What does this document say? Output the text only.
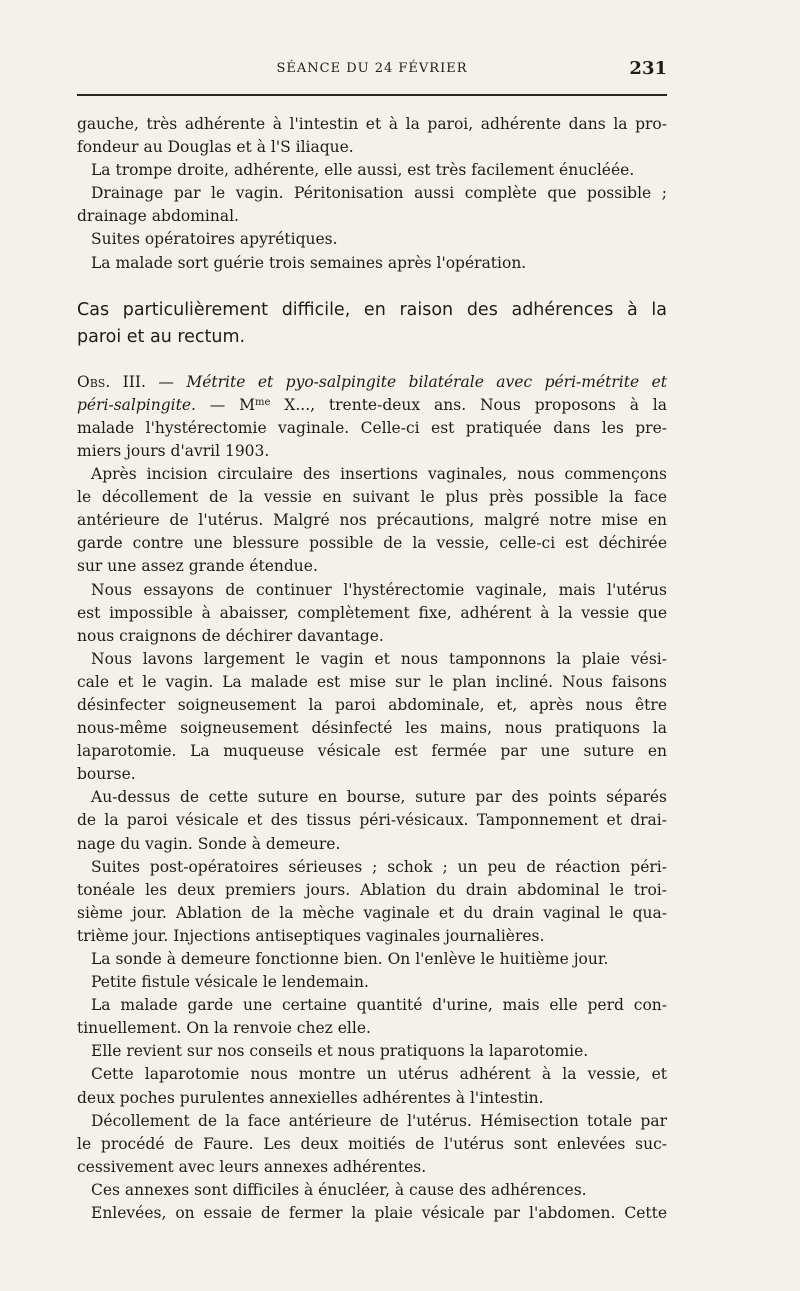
SÉANCE DU 24 FÉVRIER	231
gauche, très adhérente à l'intestin et à la paroi, adhérente dans la pro-
fondeur au Douglas et à l'S iliaque.
La trompe droite, adhérente, elle aussi, est très facilement énucléée.
Drainage par le vagin. Péritonisation aussi complète que possible ;
drainage abdominal.
Suites opératoires apyrétiques.
La malade sort guérie trois semaines après l'opération.
Cas particulièrement difficile, en raison des adhérences à la
paroi et au rectum.
Obs. III. — Métrite et pyo-salpingite bilatérale avec péri-métrite et
péri-salpingite. — $M^{me}$ X..., trente-deux ans. Nous proposons à la
malade l'hystérectomie vaginale. Celle-ci est pratiquée dans les pre-
miers jours d'avril 1903.
Après incision circulaire des insertions vaginales, nous commençons
le décollement de la vessie en suivant le plus près possible la face
antérieure de l'utérus. Malgré nos précautions, malgré notre mise en
garde contre une blessure possible de la vessie, celle-ci est déchirée
sur une assez grande étendue.
Nous essayons de continuer l'hystérectomie vaginale, mais l'utérus
est impossible à abaisser, complètement fixe, adhérent à la vessie que
nous craignons de déchirer davantage.
Nous lavons largement le vagin et nous tamponnons la plaie vési-
cale et le vagin. La malade est mise sur le plan incliné. Nous faisons
désinfecter soigneusement la paroi abdominale, et, après nous être
nous-même soigneusement désinfecté les mains, nous pratiquons la
laparotomie. La muqueuse vésicale est fermée par une suture en
bourse.
Au-dessus de cette suture en bourse, suture par des points séparés
de la paroi vésicale et des tissus péri-vésicaux. Tamponnement et drai-
nage du vagin. Sonde à demeure.
Suites post-opératoires sérieuses ; schok ; un peu de réaction péri-
tonéale les deux premiers jours. Ablation du drain abdominal le troi-
sième jour. Ablation de la mèche vaginale et du drain vaginal le qua-
trième jour. Injections antiseptiques vaginales journalières.
La sonde à demeure fonctionne bien. On l'enlève le huitième jour.
Petite fistule vésicale le lendemain.
La malade garde une certaine quantité d'urine, mais elle perd con-
tinuellement. On la renvoie chez elle.
Elle revient sur nos conseils et nous pratiquons la laparotomie.
Cette laparotomie nous montre un utérus adhérent à la vessie, et
deux poches purulentes annexielles adhérentes à l'intestin.
Décollement de la face antérieure de l'utérus. Hémisection totale par
le procédé de Faure. Les deux moitiés de l'utérus sont enlevées suc-
cessivement avec leurs annexes adhérentes.
Ces annexes sont difficiles à énucléer, à cause des adhérences.
Enlevées, on essaie de fermer la plaie vésicale par l'abdomen. Cette
